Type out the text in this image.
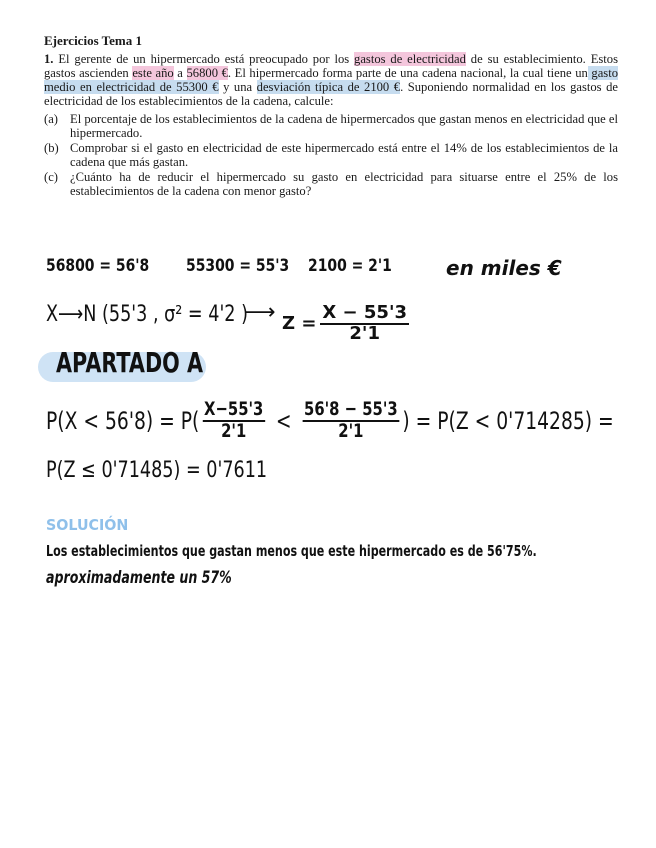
Ejercicios Tema 1

1. El gerente de un hipermercado está preocupado por los gastos de electricidad de su establecimiento. Estos gastos ascienden este año a 56800 €. El hipermercado forma parte de una cadena nacional, la cual tiene un gasto medio en electricidad de 55300 € y una desviación típica de 2100 €. Suponiendo normalidad en los gastos de electricidad de los establecimientos de la cadena, calcule:

(a) El porcentaje de los establecimientos de la cadena de hipermercados que gastan menos en electricidad que el hipermercado.
(b) Comprobar si el gasto en electricidad de este hipermercado está entre el 14% de los establecimientos de la cadena que más gastan.
(c) ¿Cuánto ha de reducir el hipermercado su gasto en electricidad para situarse entre el 25% de los establecimientos de la cadena con menor gasto?
56800 = 56'8 55300 = 55'3 2100 = 2'1	en miles €
X⟶N (55'3 , σ² = 4'2 )
⟶ $Z = \frac{X - 55'3}{2'1}$
APARTADO A
$P(X < 56'8) = P( \frac{X-55'3}{2'1} < \frac{56'8 - 55'3}{2'1}$ ) = P(Z < 0'714285) =
P(Z ≤ 0'71485) = 0'7611
SOLUCIÓN
Los establecimientos que gastan menos que este hipermercado es de 56'75%.
aproximadamente un 57%
